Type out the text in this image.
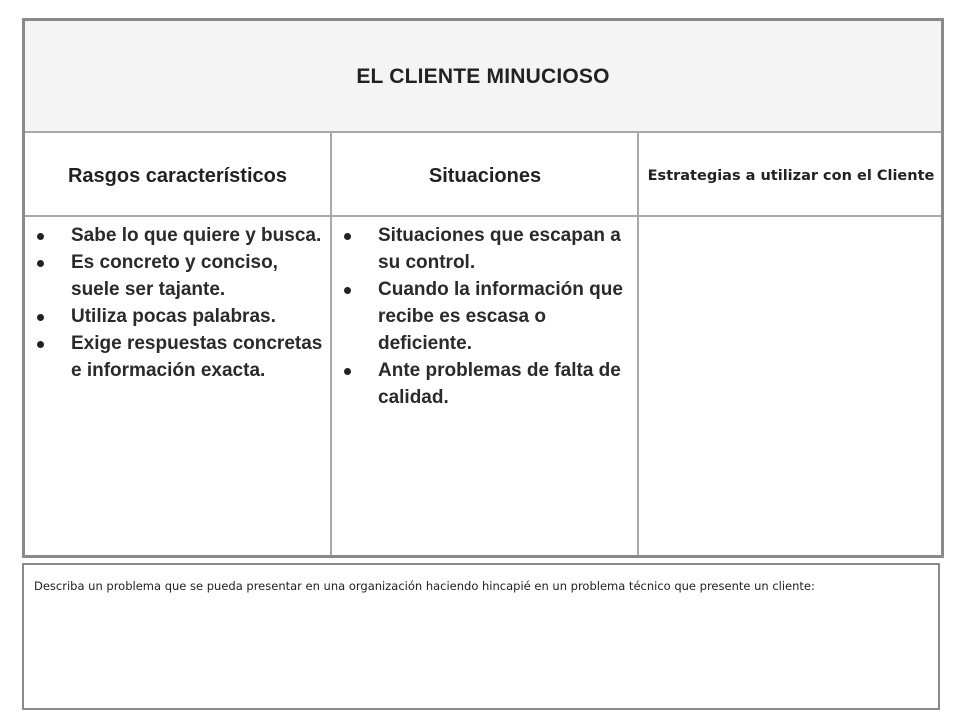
EL CLIENTE MINUCIOSO
Rasgos característicos	Situaciones	Estrategias a utilizar con el Cliente
Sabe lo que quiere y busca.
Es concreto y conciso, suele ser tajante.
Utiliza pocas palabras.
Exige respuestas concretas e información exacta.
Situaciones que escapan a su control.
Cuando la información que recibe es escasa o deficiente.
Ante problemas de falta de calidad.
Describa un problema que se pueda presentar en una organización haciendo hincapié en un problema técnico que presente un cliente:
